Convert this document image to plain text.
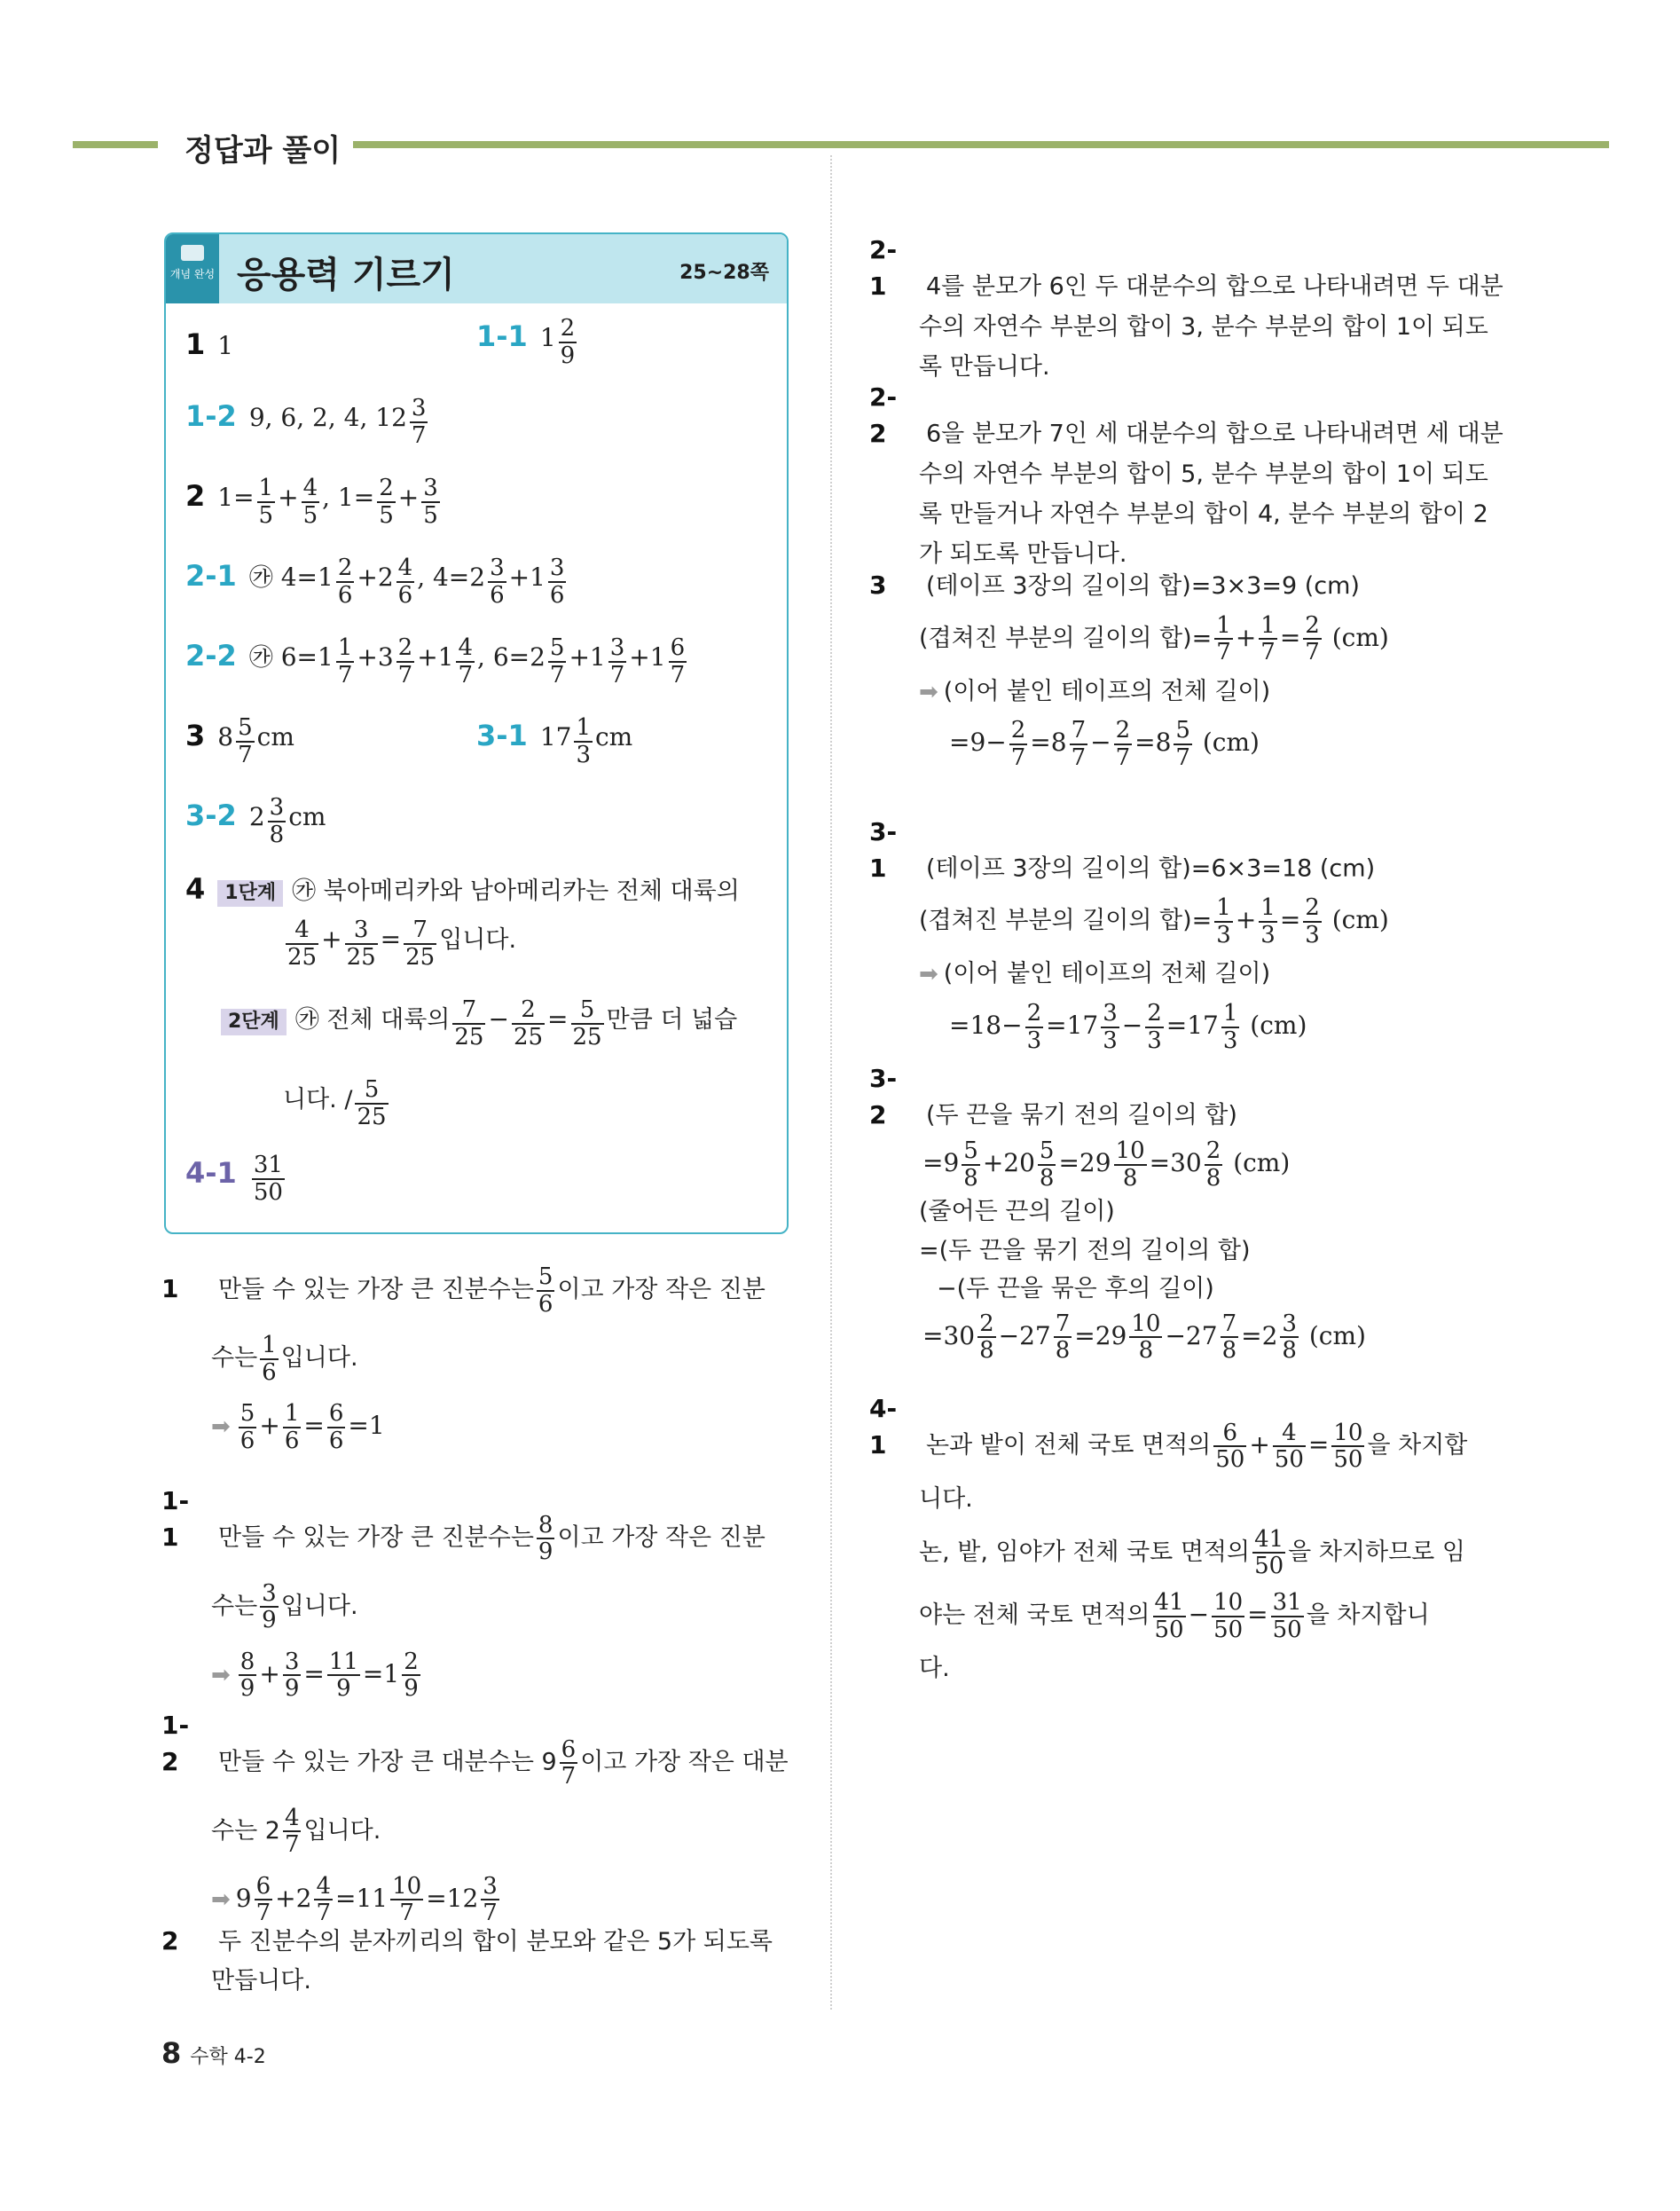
정답과 풀이
개념 완성 응용력 기르기	25~28쪽
1 1	1-1 $1 \frac{2}{9}$
1-2 9, 6, 2, 4, $12 \frac{3}{7}$
2 $1= \frac{1}{5} + \frac{4}{5}$ , $1= \frac{2}{5} + \frac{3}{5}$
2-1 ㉮ $4=1 \frac{2}{6} +2 \frac{4}{6}$ , $4=2 \frac{3}{6} +1 \frac{3}{6}$
2-2 ㉮ $6=1 \frac{1}{7} +3 \frac{2}{7} +1 \frac{4}{7}$ , $6=2 \frac{5}{7} +1 \frac{3}{7} +1 \frac{6}{7}$
3 $8 \frac{5}{7}$ cm	3-1 $17 \frac{1}{3}$ cm
3-2 $2 \frac{3}{8}$ cm
4 1단계 ㉮ 북아메리카와 남아메리카는 전체 대륙의
$\frac{4}{25} + \frac{3}{25} = \frac{7}{25}$ 입니다.
2단계 ㉮ 전체 대륙의 $\frac{7}{25} - \frac{2}{25} = \frac{5}{25}$ 만큼 더 넓습
니다. / $\frac{5}{25}$
$4-1 \frac{31}{50}$
1 만들 수 있는 가장 큰 진분수는 $\frac{5}{6}$ 이고 가장 작은 진분
수는 $\frac{1}{6}$ 입니다.
➡ $\frac{5}{6} + \frac{1}{6} = \frac{6}{6} =1$
1-1 만들 수 있는 가장 큰 진분수는 $\frac{8}{9}$ 이고 가장 작은 진분
수는 $\frac{3}{9}$ 입니다.
➡ $\frac{8}{9} + \frac{3}{9} = \frac{11}{9} =1 \frac{2}{9}$
1-2 만들 수 있는 가장 큰 대분수는 $9 \frac{6}{7}$ 이고 가장 작은 대분
수는 $2 \frac{4}{7}$ 입니다.
➡ $9 \frac{6}{7} +2 \frac{4}{7} =11 \frac{10}{7} =12 \frac{3}{7}$
2 두 진분수의 분자끼리의 합이 분모와 같은 5가 되도록
만듭니다.
2-1 4를 분모가 6인 두 대분수의 합으로 나타내려면 두 대분
수의 자연수 부분의 합이 3, 분수 부분의 합이 1이 되도
록 만듭니다.
2-2 6을 분모가 7인 세 대분수의 합으로 나타내려면 세 대분
수의 자연수 부분의 합이 5, 분수 부분의 합이 1이 되도
록 만들거나 자연수 부분의 합이 4, 분수 부분의 합이 2
가 되도록 만듭니다.
3 (테이프 3장의 길이의 합)=3×3=9 (cm)
(겹쳐진 부분의 길이의 합)= $\frac{1}{7} + \frac{1}{7} = \frac{2}{7} (cm)$
➡ (이어 붙인 테이프의 전체 길이)
$=9- \frac{2}{7} =8 \frac{7}{7} - \frac{2}{7} =8 \frac{5}{7} (cm)$
3-1 (테이프 3장의 길이의 합)=6×3=18 (cm)
(겹쳐진 부분의 길이의 합)= $\frac{1}{3} + \frac{1}{3} = \frac{2}{3} (cm)$
➡ (이어 붙인 테이프의 전체 길이)
$=18- \frac{2}{3} =17 \frac{3}{3} - \frac{2}{3} =17 \frac{1}{3} (cm)$
3-2 (두 끈을 묶기 전의 길이의 합)
$=9 \frac{5}{8} +20 \frac{5}{8} =29 \frac{10}{8} =30 \frac{2}{8} (cm)$
(줄어든 끈의 길이)
=(두 끈을 묶기 전의 길이의 합)
−(두 끈을 묶은 후의 길이)
$=30 \frac{2}{8} -27 \frac{7}{8} =29 \frac{10}{8} -27 \frac{7}{8} =2 \frac{3}{8} (cm)$
4-1 논과 밭이 전체 국토 면적의 $\frac{6}{50} + \frac{4}{50} = \frac{10}{50}$ 을 차지합
니다.
논, 밭, 임야가 전체 국토 면적의 $\frac{41}{50}$ 을 차지하므로 임
야는 전체 국토 면적의 $\frac{41}{50} - \frac{10}{50} = \frac{31}{50}$ 을 차지합니
다.
8 수학 4-2
